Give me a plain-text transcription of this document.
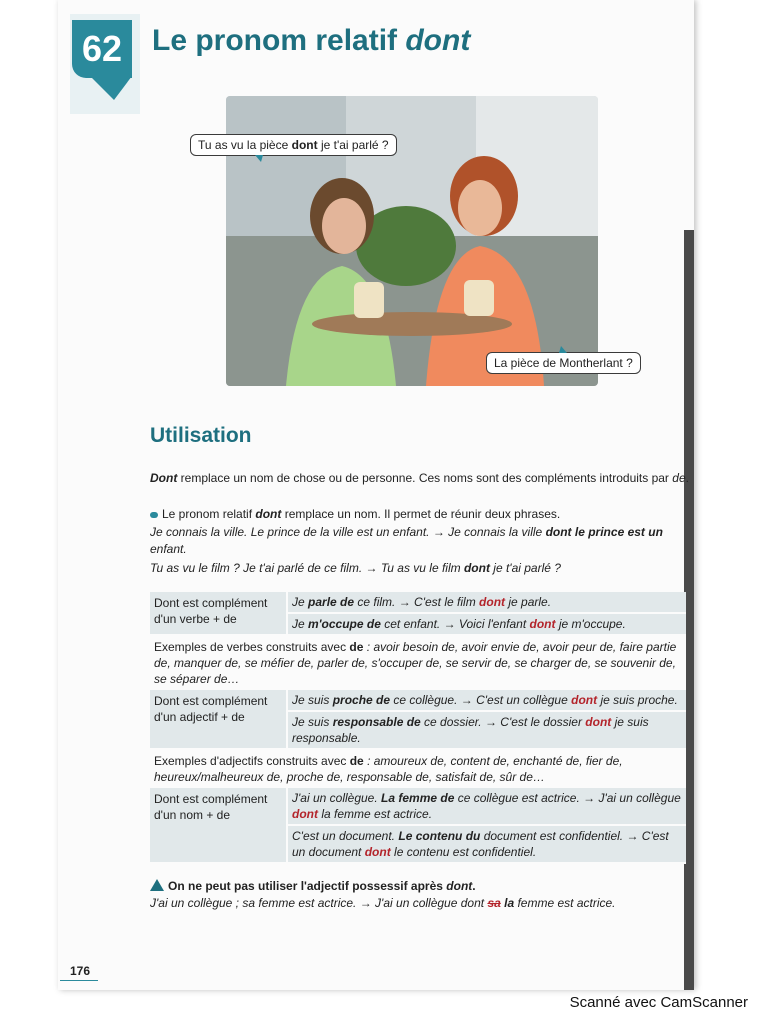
62 Le pronom relatif dont
Tu as vu la pièce dont je t'ai parlé ?
La pièce de Montherlant ?
Utilisation
Dont remplace un nom de chose ou de personne. Ces noms sont des compléments introduits par de.
Le pronom relatif dont remplace un nom. Il permet de réunir deux phrases.
Je connais la ville. Le prince de la ville est un enfant. → Je connais la ville dont le prince est un enfant.
Tu as vu le film ? Je t'ai parlé de ce film. → Tu as vu le film dont je t'ai parlé ?
Dont est complément d'un verbe + de
Je parle de ce film. → C'est le film dont je parle.
Je m'occupe de cet enfant. → Voici l'enfant dont je m'occupe.
Exemples de verbes construits avec de : avoir besoin de, avoir envie de, avoir peur de, faire partie de, manquer de, se méfier de, parler de, s'occuper de, se servir de, se charger de, se souvenir de, se séparer de…
Dont est complément d'un adjectif + de
Je suis proche de ce collègue. → C'est un collègue dont je suis proche.
Je suis responsable de ce dossier. → C'est le dossier dont je suis responsable.
Exemples d'adjectifs construits avec de : amoureux de, content de, enchanté de, fier de, heureux/malheureux de, proche de, responsable de, satisfait de, sûr de…
Dont est complément d'un nom + de
J'ai un collègue. La femme de ce collègue est actrice. → J'ai un collègue dont la femme est actrice.
C'est un document. Le contenu du document est confidentiel. → C'est un document dont le contenu est confidentiel.
On ne peut pas utiliser l'adjectif possessif après dont.
J'ai un collègue ; sa femme est actrice. → J'ai un collègue dont sa la femme est actrice.
176
Scanné avec CamScanner
